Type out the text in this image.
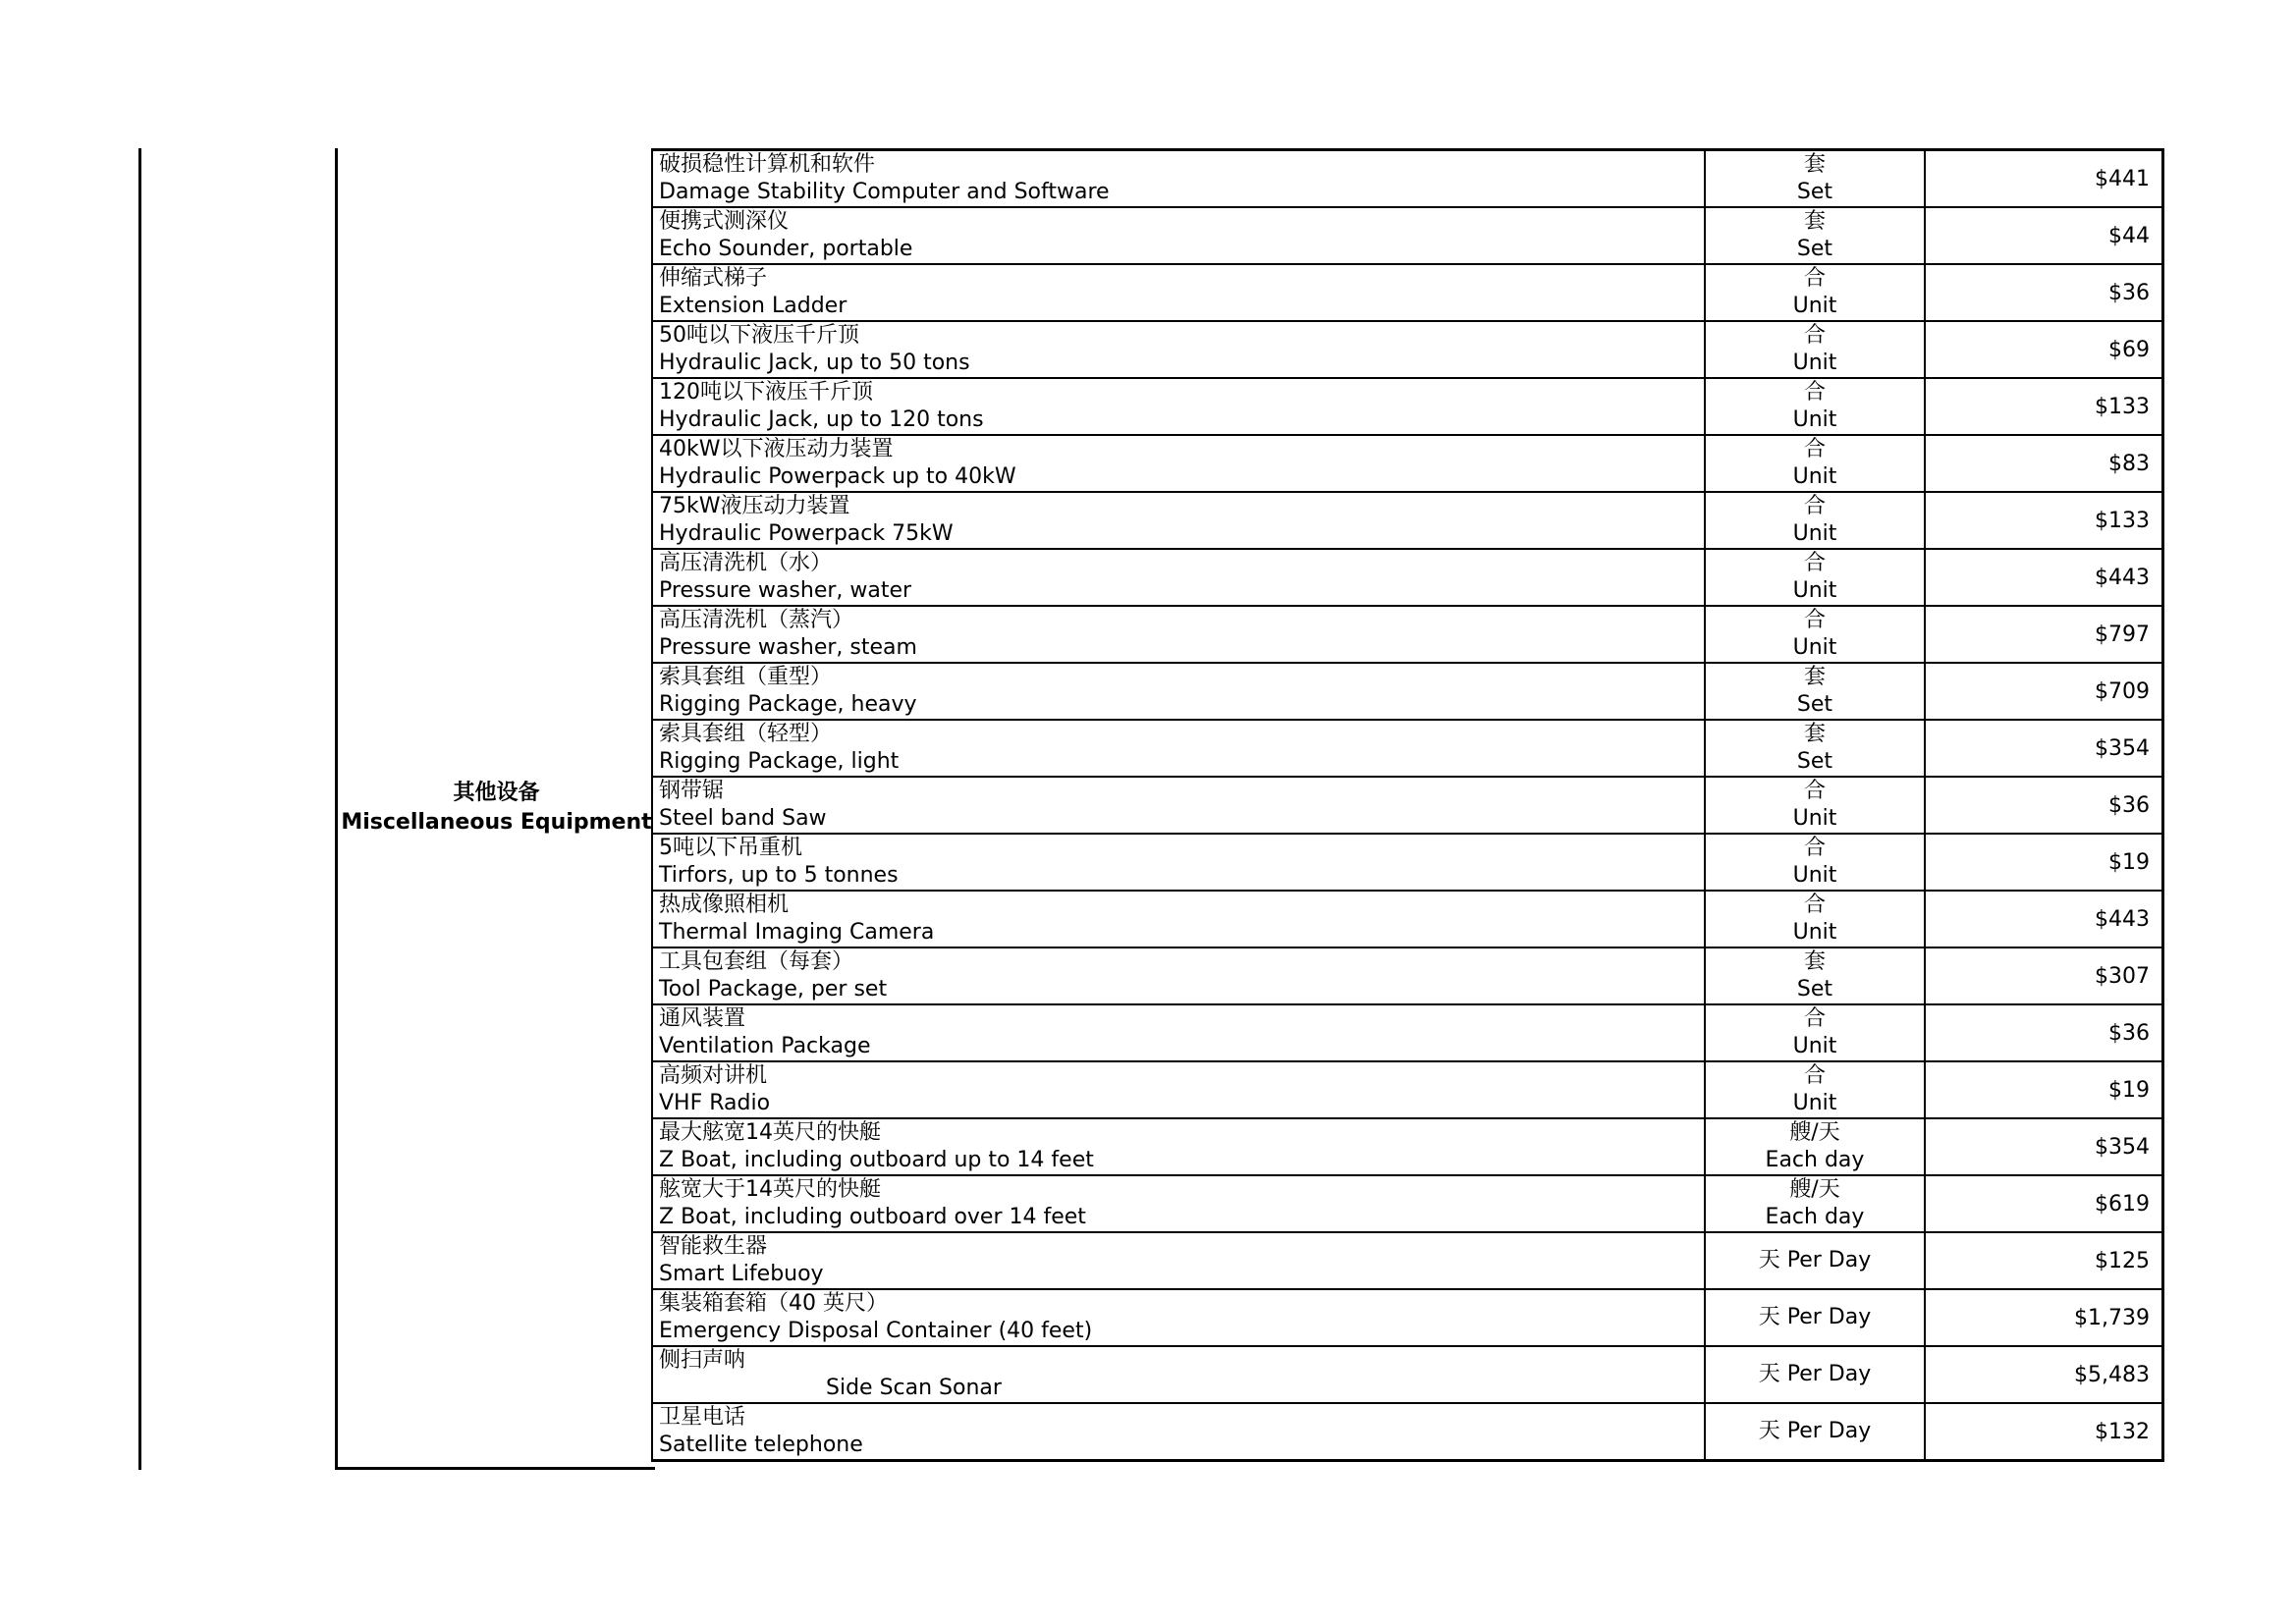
其他设备
Miscellaneous Equipment
破损稳性计算机和软件
Damage Stability Computer and Software	套
Set	$441

便携式测深仪
Echo Sounder, portable	套
Set	$44

伸缩式梯子
Extension Ladder	合
Unit	$36

50吨以下液压千斤顶
Hydraulic Jack, up to 50 tons	合
Unit	$69

120吨以下液压千斤顶
Hydraulic Jack, up to 120 tons	合
Unit	$133

40kW以下液压动力装置
Hydraulic Powerpack up to 40kW	合
Unit	$83

75kW液压动力装置
Hydraulic Powerpack 75kW	合
Unit	$133

高压清洗机（水）
Pressure washer, water	合
Unit	$443

高压清洗机（蒸汽）
Pressure washer, steam	合
Unit	$797

索具套组（重型）
Rigging Package, heavy	套
Set	$709

索具套组（轻型）
Rigging Package, light	套
Set	$354

钢带锯
Steel band Saw	合
Unit	$36

5吨以下吊重机
Tirfors, up to 5 tonnes	合
Unit	$19

热成像照相机
Thermal Imaging Camera	合
Unit	$443

工具包套组（每套）
Tool Package, per set	套
Set	$307

通风装置
Ventilation Package	合
Unit	$36

高频对讲机
VHF Radio	合
Unit	$19

最大舷宽14英尺的快艇
Z Boat, including outboard up to 14 feet	艘/天
Each day	$354

舷宽大于14英尺的快艇
Z Boat, including outboard over 14 feet	艘/天
Each day	$619

智能救生器
Smart Lifebuoy	天 Per Day	$125

集装箱套箱（40 英尺）
Emergency Disposal Container (40 feet)	天 Per Day	$1,739

侧扫声呐
Side Scan Sonar	天 Per Day	$5,483

卫星电话
Satellite telephone	天 Per Day	$132
